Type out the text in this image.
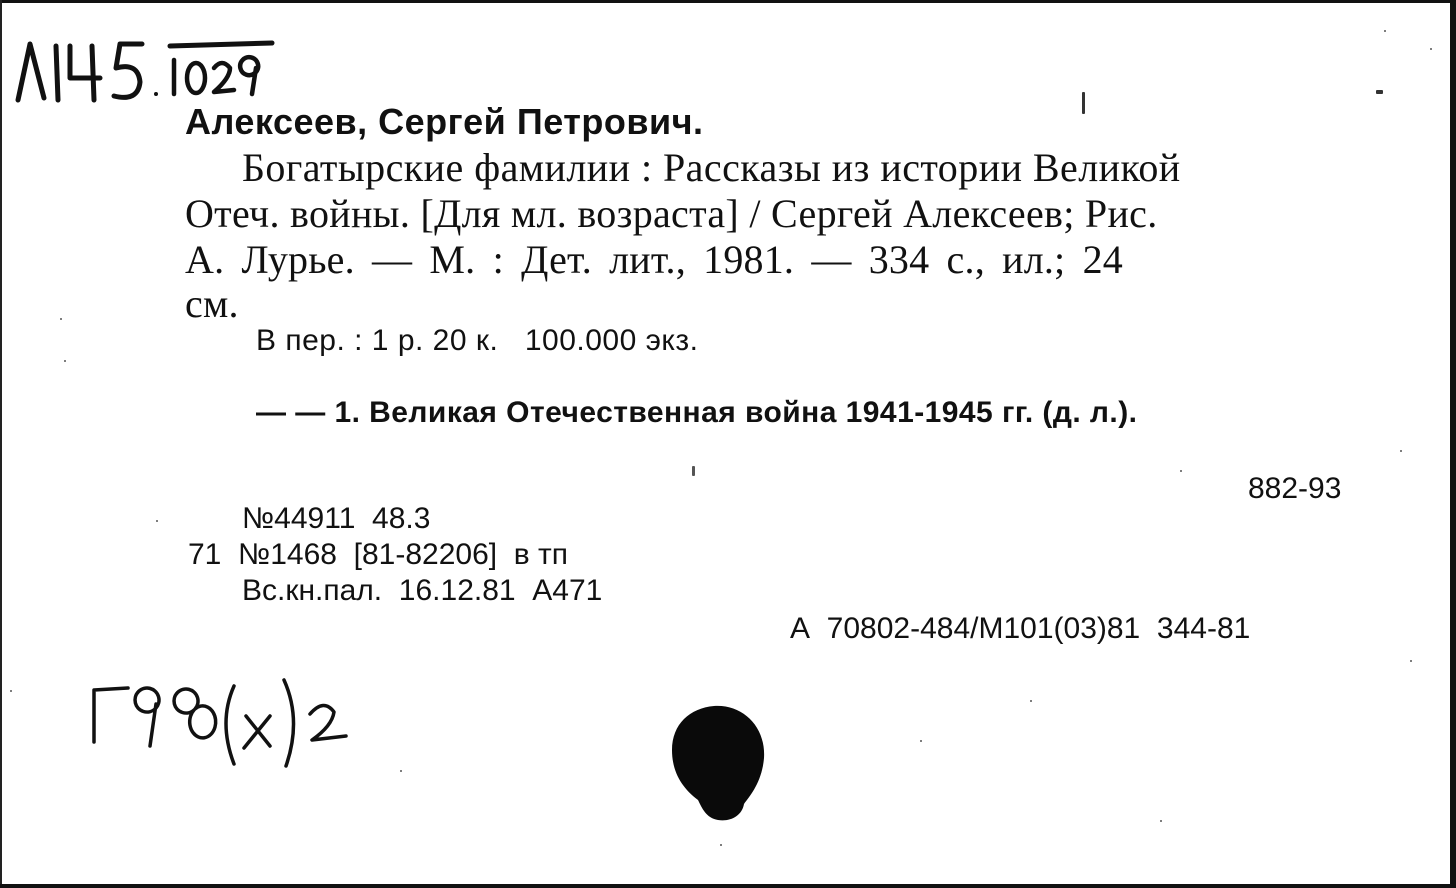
Алексеев, Сергей Петрович.
Богатырские фамилии : Рассказы из истории Великой
Отеч. войны. [Для мл. возраста] / Сергей Алексеев; Рис.
А. Лурье. — М. : Дет. лит., 1981. — 334 с., ил.; 24
см.
В пер. : 1 р. 20 к.   100.000 экз.
— — 1. Великая Отечественная война 1941-1945 гг. (д. л.).
882-93
№44911  48.3
71  №1468  [81-82206]  в тп
Вс.кн.пал.  16.12.81  А471
А  70802-484/М101(03)81  344-81
